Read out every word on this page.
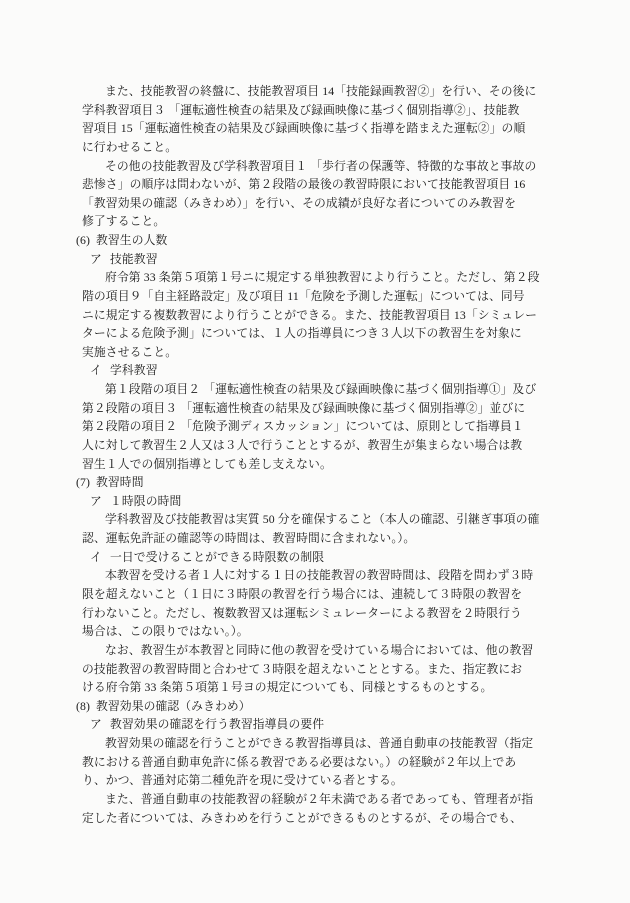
また、技能教習の終盤に、技能教習項目 14「技能録画教習②」を行い、その後に
学科教習項目３ 「運転適性検査の結果及び録画映像に基づく個別指導②」、技能教
習項目 15「運転適性検査の結果及び録画映像に基づく指導を踏まえた運転②」の順
に行わせること。
その他の技能教習及び学科教習項目１ 「歩行者の保護等、特徴的な事故と事故の
悲惨さ」の順序は問わないが、第２段階の最後の教習時限において技能教習項目 16
「教習効果の確認（みきわめ）」を行い、その成績が良好な者についてのみ教習を
修了すること。
(6) 教習生の人数
ア 技能教習
府令第 33 条第５項第１号ニに規定する単独教習により行うこと。ただし、第２段
階の項目９「自主経路設定」及び項目 11「危険を予測した運転」については、同号
ニに規定する複数教習により行うことができる。また、技能教習項目 13「シミュレー
ターによる危険予測」については、１人の指導員につき３人以下の教習生を対象に
実施させること。
イ 学科教習
第１段階の項目２ 「運転適性検査の結果及び録画映像に基づく個別指導①」及び
第２段階の項目３ 「運転適性検査の結果及び録画映像に基づく個別指導②」並びに
第２段階の項目２ 「危険予測ディスカッション」については、原則として指導員１
人に対して教習生２人又は３人で行うこととするが、教習生が集まらない場合は教
習生１人での個別指導としても差し支えない。
(7) 教習時間
ア １時限の時間
学科教習及び技能教習は実質 50 分を確保すること（本人の確認、引継ぎ事項の確
認、運転免許証の確認等の時間は、教習時間に含まれない。）。
イ 一日で受けることができる時限数の制限
本教習を受ける者１人に対する１日の技能教習の教習時間は、段階を問わず３時
限を超えないこと（１日に３時限の教習を行う場合には、連続して３時限の教習を
行わないこと。ただし、複数教習又は運転シミュレーターによる教習を２時限行う
場合は、この限りではない。）。
なお、教習生が本教習と同時に他の教習を受けている場合においては、他の教習
の技能教習の教習時間と合わせて３時限を超えないこととする。また、指定教にお
ける府令第 33 条第５項第１号ヨの規定についても、同様とするものとする。
(8) 教習効果の確認（みきわめ）
ア 教習効果の確認を行う教習指導員の要件
教習効果の確認を行うことができる教習指導員は、普通自動車の技能教習（指定
教における普通自動車免許に係る教習である必要はない。）の経験が２年以上であ
り、かつ、普通対応第二種免許を現に受けている者とする。
また、普通自動車の技能教習の経験が２年未満である者であっても、管理者が指
定した者については、みきわめを行うことができるものとするが、その場合でも、
